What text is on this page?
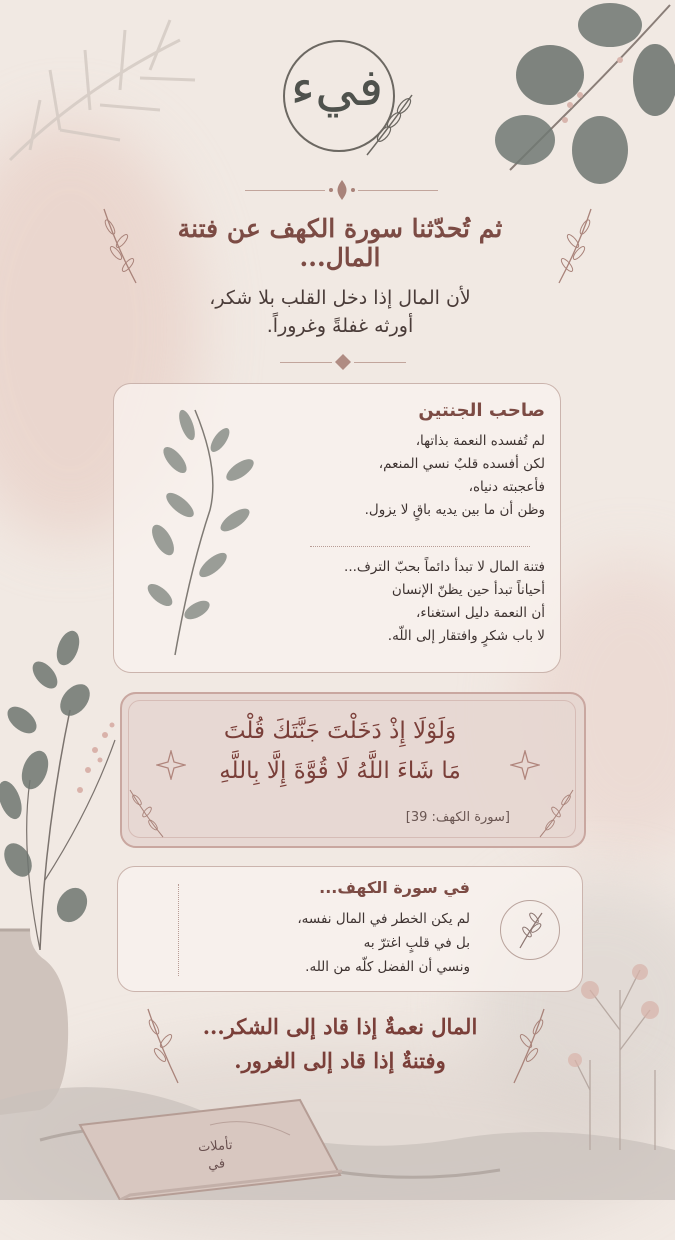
فيء
ثم تُحدّثنا سورة الكهف عن فتنة المال...
لأن المال إذا دخل القلب بلا شكر،
أورثه غفلةً وغروراً.
صاحب الجنتين
لم تُفسده النعمة بذاتها،
لكن أفسده قلبٌ نسي المنعم،
فأعجبته دنياه،
وظن أن ما بين يديه باقٍ لا يزول.
فتنة المال لا تبدأ دائماً بحبّ الترف...
أحياناً تبدأ حين يظنّ الإنسان
أن النعمة دليل استغناء،
لا باب شكرٍ وافتقار إلى اللّه.
وَلَوْلَا إِذْ دَخَلْتَ جَنَّتَكَ قُلْتَ
مَا شَاءَ اللَّهُ لَا قُوَّةَ إِلَّا بِاللَّهِ
[سورة الكهف: 39]
في سورة الكهف...
لم يكن الخطر في المال نفسه،
بل في قلبٍ اغترّ به
ونسي أن الفضل كلّه من الله.
المال نعمةٌ إذا قاد إلى الشكر...
وفتنةٌ إذا قاد إلى الغرور.
تأملات
في
